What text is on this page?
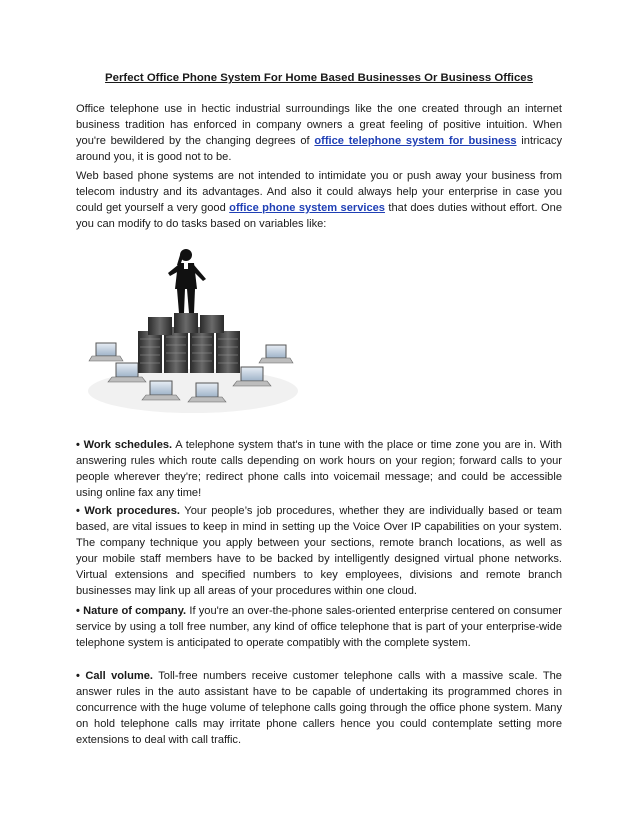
Perfect Office Phone System For Home Based Businesses Or Business Offices

Office telephone use in hectic industrial surroundings like the one created through an internet business tradition has enforced in company owners a great feeling of positive intuition. When you're bewildered by the changing degrees of office telephone system for business intricacy around you, it is good not to be.

Web based phone systems are not intended to intimidate you or push away your business from telecom industry and its advantages. And also it could always help your enterprise in case you could get yourself a very good office phone system services that does duties without effort. One you can modify to do tasks based on variables like:

• Work schedules. A telephone system that's in tune with the place or time zone you are in. With answering rules which route calls depending on work hours on your region; forward calls to your people wherever they're; redirect phone calls into voicemail message; and could be accessible using online fax any time!

• Work procedures. Your people’s job procedures, whether they are individually based or team based, are vital issues to keep in mind in setting up the Voice Over IP capabilities on your system. The company technique you apply between your sections, remote branch locations, as well as your mobile staff members have to be backed by intelligently designed virtual phone networks. Virtual extensions and specified numbers to key employees, divisions and remote branch businesses may link up all areas of your procedures within one cloud.

• Nature of company. If you're an over-the-phone sales-oriented enterprise centered on consumer service by using a toll free number, any kind of office telephone that is part of your enterprise-wide telephone system is anticipated to operate compatibly with the complete system.

• Call volume. Toll-free numbers receive customer telephone calls with a massive scale. The answer rules in the auto assistant have to be capable of undertaking its programmed chores in concurrence with the huge volume of telephone calls going through the office phone system. Many on hold telephone calls may irritate phone callers hence you could contemplate setting more extensions to deal with call traffic.
